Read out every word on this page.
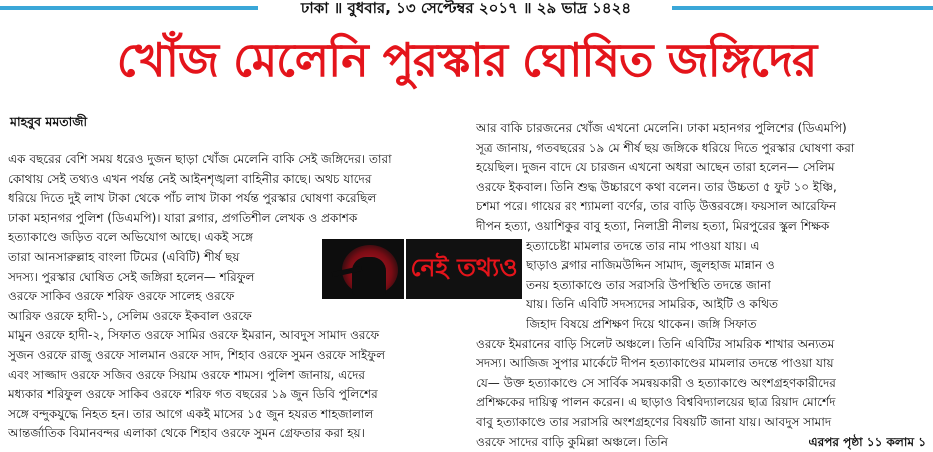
ঢাকা ॥ বুধবার, ১৩ সেপ্টেম্বর ২০১৭ ॥ ২৯ ভাদ্র ১৪২৪
খোঁজ মেলেনি পুরস্কার ঘোষিত জঙ্গিদের
মাহবুব মমতাজী
এক বছরের বেশি সময় ধরেও দুজন ছাড়া খোঁজ মেলেনি বাকি সেই জঙ্গিদের। তারা
কোথায় সেই তথ্যও এখন পর্যন্ত নেই আইনশৃঙ্খলা বাহিনীর কাছে। অথচ যাদের
ধরিয়ে দিতে দুই লাখ টাকা থেকে পাঁচ লাখ টাকা পর্যন্ত পুরস্কার ঘোষণা করেছিল
ঢাকা মহানগর পুলিশ (ডিএমপি)। যারা ব্লগার, প্রগতিশীল লেখক ও প্রকাশক
হত্যাকাণ্ডে জড়িত বলে অভিযোগ আছে। একই সঙ্গে
তারা আনসারুল্লাহ বাংলা টিমের (এবিটি) শীর্ষ ছয়
সদস্য। পুরস্কার ঘোষিত সেই জঙ্গিরা হলেন— শরিফুল
ওরফে সাকিব ওরফে শরিফ ওরফে সালেহ ওরফে
আরিফ ওরফে হাদী-১, সেলিম ওরফে ইকবাল ওরফে
মামুন ওরফে হাদী-২, সিফাত ওরফে সামির ওরফে ইমরান, আবদুস সামাদ ওরফে
সুজন ওরফে রাজু ওরফে সালমান ওরফে সাদ, শিহাব ওরফে সুমন ওরফে সাইফুল
এবং সাজ্জাদ ওরফে সজিব ওরফে সিয়াম ওরফে শামস। পুলিশ জানায়, এদের
মধ্যকার শরিফুল ওরফে সাকিব ওরফে শরিফ গত বছরের ১৯ জুন ডিবি পুলিশের
সঙ্গে বন্দুকযুদ্ধে নিহত হন। তার আগে একই মাসের ১৫ জুন হযরত শাহজালাল
আন্তর্জাতিক বিমানবন্দর এলাকা থেকে শিহাব ওরফে সুমন গ্রেফতার করা হয়।
আর বাকি চারজনের খোঁজ এখনো মেলেনি। ঢাকা মহানগর পুলিশের (ডিএমপি)
সূত্র জানায়, গতবছরের ১৯ মে শীর্ষ ছয় জঙ্গিকে ধরিয়ে দিতে পুরস্কার ঘোষণা করা
হয়েছিল। দুজন বাদে যে চারজন এখনো অধরা আছেন তারা হলেন— সেলিম
ওরফে ইকবাল। তিনি শুদ্ধ উচ্চারণে কথা বলেন। তার উচ্চতা ৫ ফুট ১০ ইঞ্চি,
চশমা পরে। গায়ের রং শ্যামলা বর্ণের, তার বাড়ি উত্তরবঙ্গে। ফয়সাল আরেফিন
দীপন হত্যা, ওয়াশিকুর বাবু হত্যা, নিলাদ্রী নীলয় হত্যা, মিরপুরের স্কুল শিক্ষক
হত্যাচেষ্টা মামলার তদন্তে তার নাম পাওয়া যায়। এ
ছাড়াও ব্লগার নাজিমউদ্দিন সামাদ, জুলহাজ মান্নান ও
তনয় হত্যাকাণ্ডে তার সরাসরি উপস্থিতি তদন্তে জানা
যায়। তিনি এবিটি সদস্যদের সামরিক, আইটি ও কথিত
জিহাদ বিষয়ে প্রশিক্ষণ দিয়ে থাকেন। জঙ্গি সিফাত
ওরফে ইমরানের বাড়ি সিলেট অঞ্চলে। তিনি এবিটির সামরিক শাখার অন্যতম
সদস্য। আজিজ সুপার মার্কেটে দীপন হত্যাকাণ্ডের মামলার তদন্তে পাওয়া যায়
যে— উক্ত হত্যাকাণ্ডে সে সার্বিক সমন্বয়কারী ও হত্যাকাণ্ডে অংশগ্রহণকারীদের
প্রশিক্ষকের দায়িত্ব পালন করেন। এ ছাড়াও বিশ্ববিদ্যালয়ের ছাত্র রিয়াদ মোর্শেদ
বাবু হত্যাকাণ্ডে তার সরাসরি অংশগ্রহণের বিষয়টি জানা যায়। আবদুস সামাদ
ওরফে সাদের বাড়ি কুমিল্লা অঞ্চলে। তিনি	এরপর পৃষ্ঠা ১১ কলাম ১
নেই তথ্যও
